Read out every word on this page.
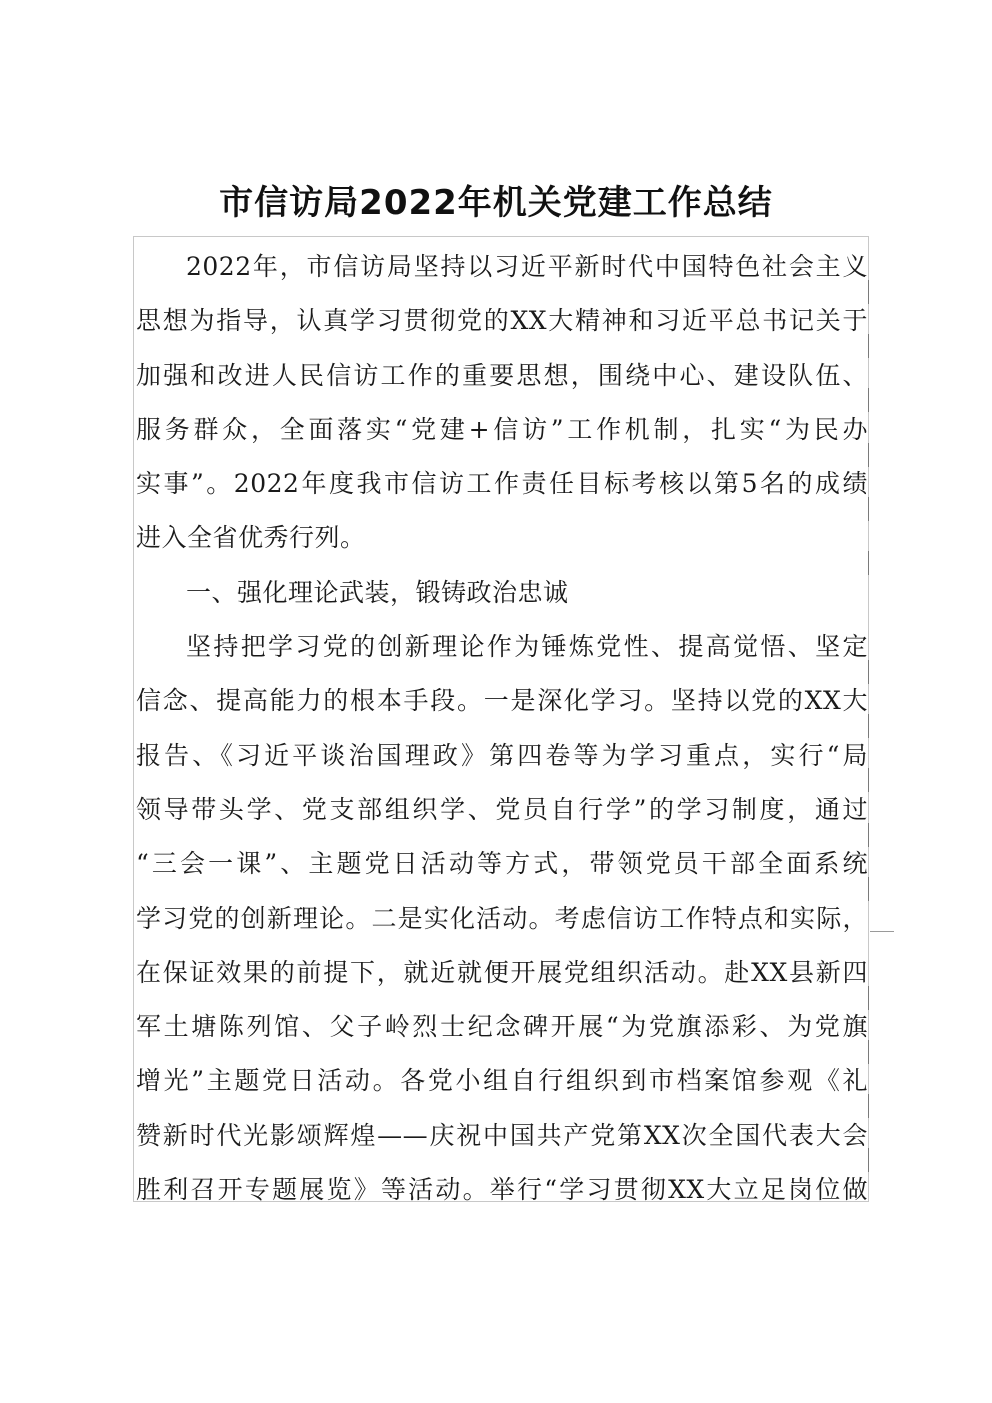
市信访局2022年机关党建工作总结
2022年，市信访局坚持以习近平新时代中国特色社会主义
思想为指导，认真学习贯彻党的XX大精神和习近平总书记关于
加强和改进人民信访工作的重要思想，围绕中心、建设队伍、
服务群众，全面落实“党建+信访”工作机制，扎实“为民办
实事”。2022年度我市信访工作责任目标考核以第5名的成绩
进入全省优秀行列。
一、强化理论武装，锻铸政治忠诚
坚持把学习党的创新理论作为锤炼党性、提高觉悟、坚定
信念、提高能力的根本手段。一是深化学习。坚持以党的XX大
报告、《习近平谈治国理政》第四卷等为学习重点，实行“局
领导带头学、党支部组织学、党员自行学”的学习制度，通过
“三会一课”、主题党日活动等方式，带领党员干部全面系统
学习党的创新理论。二是实化活动。考虑信访工作特点和实际，
在保证效果的前提下，就近就便开展党组织活动。赴XX县新四
军土塘陈列馆、父子岭烈士纪念碑开展“为党旗添彩、为党旗
增光”主题党日活动。各党小组自行组织到市档案馆参观《礼
赞新时代光影颂辉煌——庆祝中国共产党第XX次全国代表大会
胜利召开专题展览》等活动。举行“学习贯彻XX大立足岗位做
